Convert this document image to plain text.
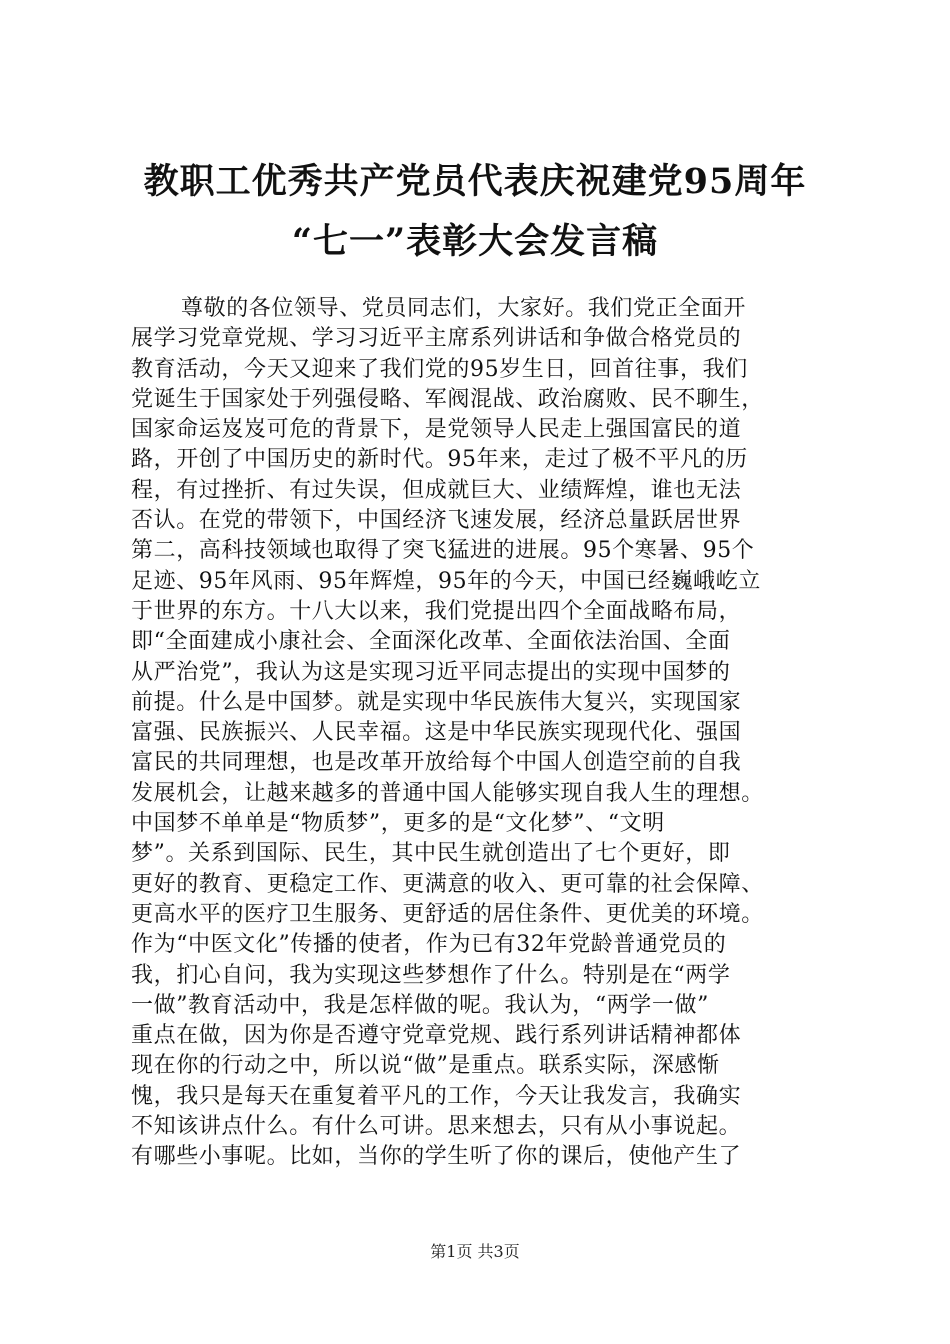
教职工优秀共产党员代表庆祝建党95周年
“七一”表彰大会发言稿
尊敬的各位领导、党员同志们，大家好。我们党正全面开
展学习党章党规、学习习近平主席系列讲话和争做合格党员的
教育活动，今天又迎来了我们党的95岁生日，回首往事，我们
党诞生于国家处于列强侵略、军阀混战、政治腐败、民不聊生，
国家命运岌岌可危的背景下，是党领导人民走上强国富民的道
路，开创了中国历史的新时代。95年来，走过了极不平凡的历
程，有过挫折、有过失误，但成就巨大、业绩辉煌，谁也无法
否认。在党的带领下，中国经济飞速发展，经济总量跃居世界
第二，高科技领域也取得了突飞猛进的进展。95个寒暑、95个
足迹、95年风雨、95年辉煌，95年的今天，中国已经巍峨屹立
于世界的东方。十八大以来，我们党提出四个全面战略布局，
即“全面建成小康社会、全面深化改革、全面依法治国、全面
从严治党”，我认为这是实现习近平同志提出的实现中国梦的
前提。什么是中国梦。就是实现中华民族伟大复兴，实现国家
富强、民族振兴、人民幸福。这是中华民族实现现代化、强国
富民的共同理想，也是改革开放给每个中国人创造空前的自我
发展机会，让越来越多的普通中国人能够实现自我人生的理想。
中国梦不单单是“物质梦”，更多的是“文化梦”、“文明
梦”。关系到国际、民生，其中民生就创造出了七个更好，即
更好的教育、更稳定工作、更满意的收入、更可靠的社会保障、
更高水平的医疗卫生服务、更舒适的居住条件、更优美的环境。
作为“中医文化”传播的使者，作为已有32年党龄普通党员的
我，扪心自问，我为实现这些梦想作了什么。特别是在“两学
一做”教育活动中，我是怎样做的呢。我认为，“两学一做”
重点在做，因为你是否遵守党章党规、践行系列讲话精神都体
现在你的行动之中，所以说“做”是重点。联系实际，深感惭
愧，我只是每天在重复着平凡的工作，今天让我发言，我确实
不知该讲点什么。有什么可讲。思来想去，只有从小事说起。
有哪些小事呢。比如，当你的学生听了你的课后，使他产生了
第1页 共3页
